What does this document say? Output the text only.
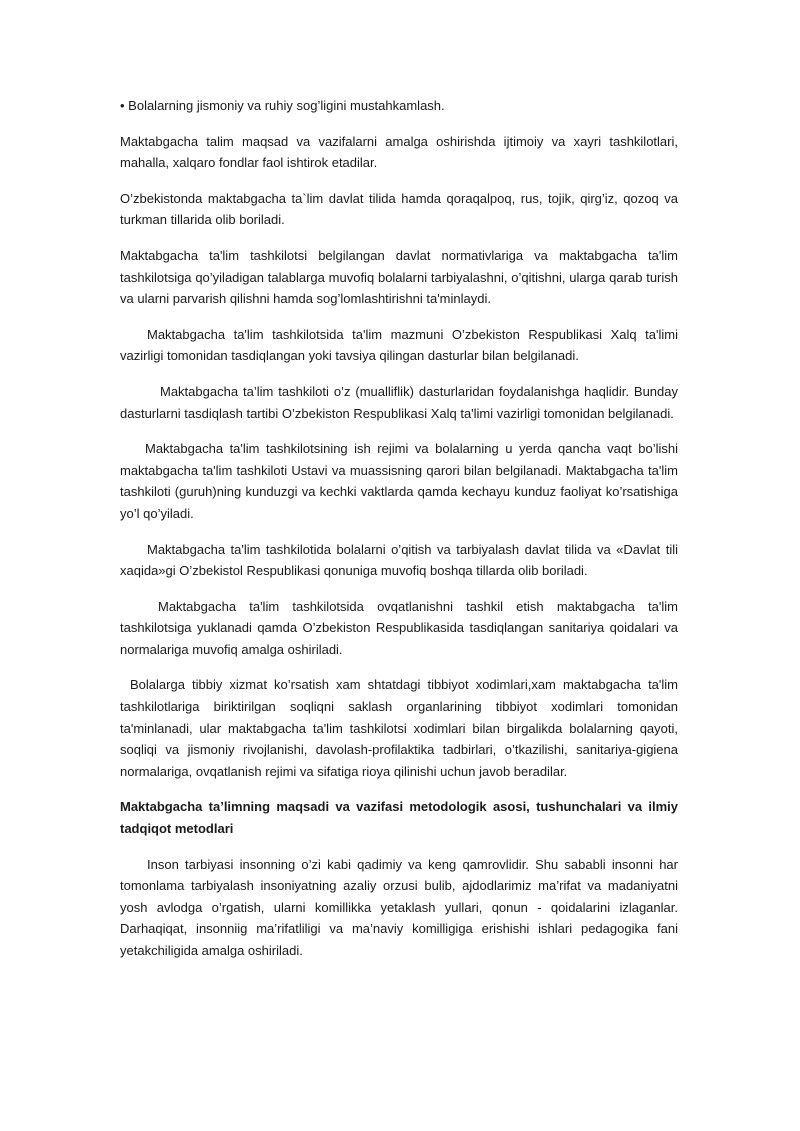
• Bolalarning jismoniy va ruhiy sog’ligini mustahkamlash.

Maktabgacha talim maqsad va vazifalarni amalga oshirishda ijtimoiy va xayri tashkilotlari, mahalla, xalqaro fondlar faol ishtirok etadilar.

O’zbekistonda maktabgacha ta`lim davlat tilida hamda qoraqalpoq, rus, tojik, qirg’iz, qozoq va turkman tillarida olib boriladi.

Maktabgacha ta'lim tashkilotsi belgilangan davlat normativlariga va maktabgacha ta'lim tashkilotsiga qo’yiladigan talablarga muvofiq bolalarni tarbiyalashni, o’qitishni, ularga qarab turish va ularni parvarish qilishni hamda sog’lomlashtirishni ta'minlaydi.

Maktabgacha ta'lim tashkilotsida ta'lim mazmuni O’zbekiston Respublikasi Xalq ta'limi vazirligi tomonidan tasdiqlangan yoki tavsiya qilingan dasturlar bilan belgilanadi.

Maktabgacha ta’lim tashkiloti o’z (mualliflik) dasturlaridan foydalanishga haqlidir. Bunday dasturlarni tasdiqlash tartibi O’zbekiston Respublikasi Xalq ta'limi vazirligi tomonidan belgilanadi.

Maktabgacha ta'lim tashkilotsining ish rejimi va bolalarning u yerda qancha vaqt bo’lishi maktabgacha ta'lim tashkiloti Ustavi va muassisning qarori bilan belgilanadi. Maktabgacha ta'lim tashkiloti (guruh)ning kunduzgi va kechki vaktlarda qamda kechayu kunduz faoliyat ko’rsatishiga yo’l qo’yiladi.

Maktabgacha ta'lim tashkilotida bolalarni o’qitish va tarbiyalash davlat tilida va «Davlat tili xaqida»gi O’zbekistol Respublikasi qonuniga muvofiq boshqa tillarda olib boriladi.

Maktabgacha ta'lim tashkilotsida ovqatlanishni tashkil etish maktabgacha ta'lim tashkilotsiga yuklanadi qamda O’zbekiston Respublikasida tasdiqlangan sanitariya qoidalari va normalariga muvofiq amalga oshiriladi.

Bolalarga tibbiy xizmat ko’rsatish xam shtatdagi tibbiyot xodimlari,xam maktabgacha ta'lim tashkilotlariga biriktirilgan soqliqni saklash organlarining tibbiyot xodimlari tomonidan ta'minlanadi, ular maktabgacha ta'lim tashkilotsi xodimlari bilan birgalikda bolalarning qayoti, soqliqi va jismoniy rivojlanishi, davolash-profilaktika tadbirlari, o’tkazilishi, sanitariya-gigiena normalariga, ovqatlanish rejimi va sifatiga rioya qilinishi uchun javob beradilar.

Maktabgacha ta’limning maqsadi va vazifasi metodologik asosi, tushunchalari va ilmiy tadqiqot metodlari

Inson tarbiyasi insonning o’zi kabi qadimiy va keng qamrovlidir. Shu sababli insonni har tomonlama tarbiyalash insoniyatning azaliy orzusi bulib, ajdodlarimiz ma’rifat va madaniyatni yosh avlodga o’rgatish, ularni komillikka yetaklash yullari, qonun - qoidalarini izlaganlar. Darhaqiqat, insonniig ma’rifatliligi va ma’naviy komilligiga erishishi ishlari pedagogika fani yetakchiligida amalga oshiriladi.
